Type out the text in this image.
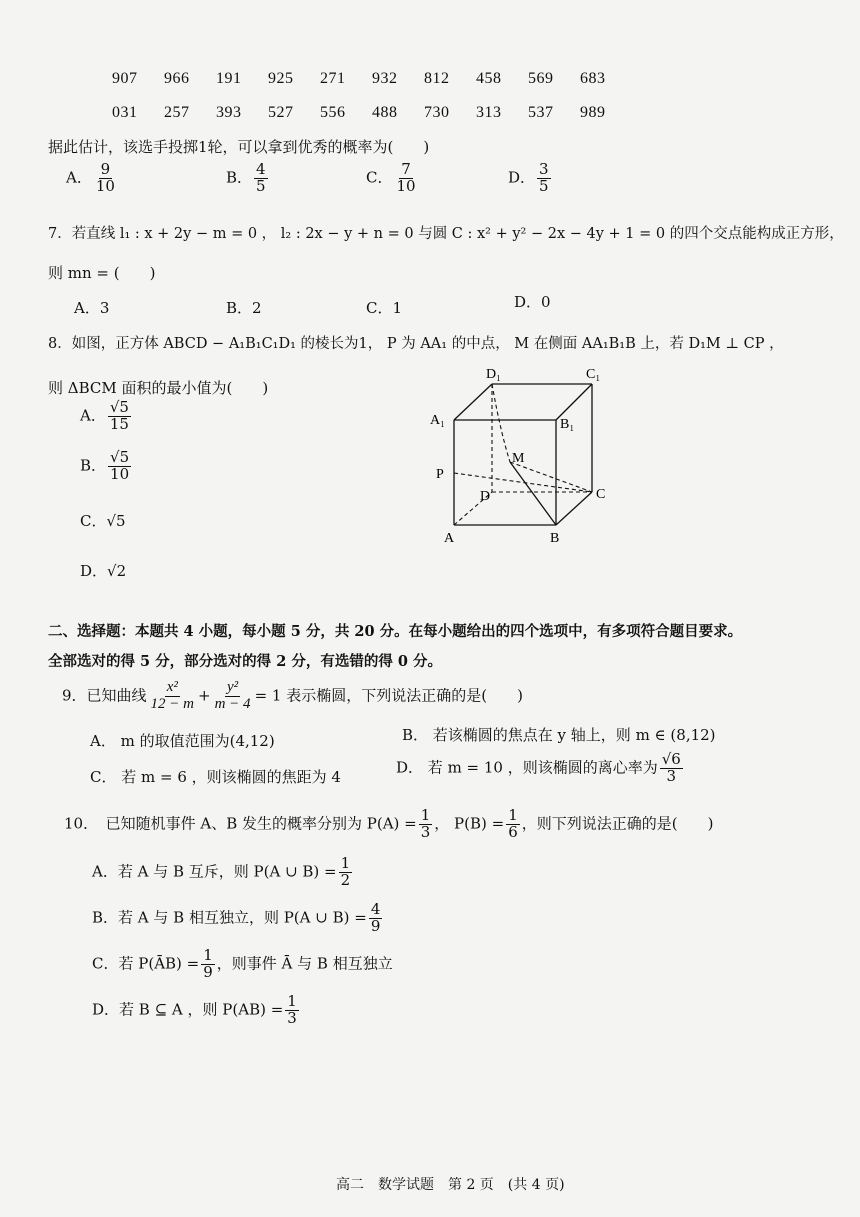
907 966 191 925 271 932 812 458 569 683
031 257 393 527 556 488 730 313 537 989
据此估计，该选手投掷1轮，可以拿到优秀的概率为(　　)
A． $\frac{9}{10}$	B． $\frac{4}{5}$	C． $\frac{7}{10}$	D． $\frac{3}{5}$
7．若直线 l₁ : x + 2y − m = 0 ， l₂ : 2x − y + n = 0 与圆 C : x² + y² − 2x − 4y + 1 = 0 的四个交点能构成正方形，
则 mn = (　　)
A．3	B．2	C．1	D．0
8．如图，正方体 ABCD − A₁B₁C₁D₁ 的棱长为1， P 为 AA₁ 的中点， M 在侧面 AA₁B₁B 上，若 D₁M ⊥ CP ，
则 ΔBCM 面积的最小值为(　　)
A． $\frac{√5}{15}$
B． $\frac{√5}{10}$
C．√5
D．√2
D₁	C₁
A₁	B₁
M
P
D	C
A	B
二、选择题：本题共 4 小题，每小题 5 分，共 20 分。在每小题给出的四个选项中，有多项符合题目要求。
全部选对的得 5 分，部分选对的得 2 分，有选错的得 0 分。
9．已知曲线 $\frac{\text{x²}}{12 - m} + \frac{\text{y²}}{m - 4} = 1$ 表示椭圆，下列说法正确的是(　　)
A． m 的取值范围为(4,12)	B． 若该椭圆的焦点在 y 轴上，则 m ∈ (8,12)
C． 若 m = 6 ，则该椭圆的焦距为 4
D． 若 m = 10 ，则该椭圆的离心率为 $\frac{√6}{3}$
10．　已知随机事件 A、B 发生的概率分别为 $P(A) = \frac{1}{3}$ ， $P(B) = \frac{1}{6}$ ，则下列说法正确的是(　　)
A．若 A 与 B 互斥，则 P(A ∪ $B) = \frac{1}{2}$
B．若 A 与 B 相互独立，则 P(A ∪ $B) = \frac{4}{9}$
C．若 P(ĀB) = $\frac{1}{9}$ ，则事件 Ā 与 B 相互独立
D．若 B ⊆ A ，则 $P(AB) = \frac{1}{3}$
高二　数学试题　第 2 页　(共 4 页)
